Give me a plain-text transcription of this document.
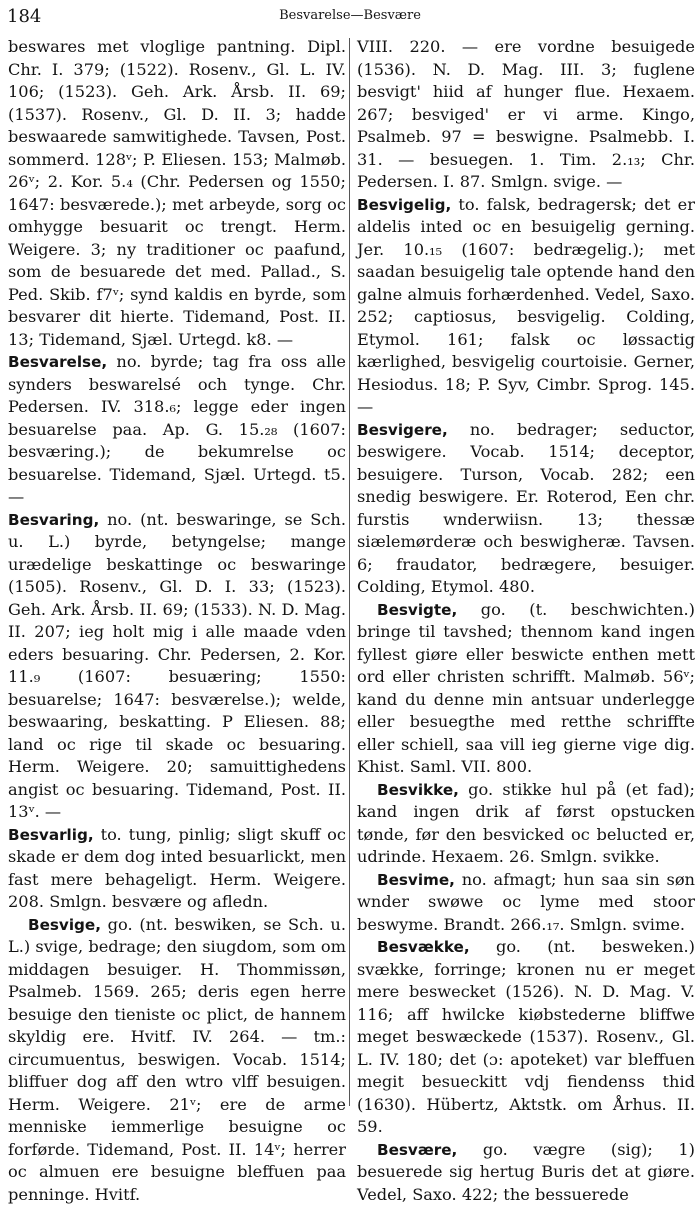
184	Besvarelse—Besvære

beswares met vloglige pantning. Dipl. Chr. I. 379; (1522). Rosenv., Gl. L. IV. 106; (1523). Geh. Ark. Årsb. II. 69; (1537). Rosenv., Gl. D. II. 3; hadde beswaarede samwitighede. Tavsen, Post. sommerd. 128ᵛ; P. Eliesen. 153; Malmøb. 26ᵛ; 2. Kor. 5.₄ (Chr. Pedersen og 1550; 1647: besværede.); met arbeyde, sorg oc omhygge besuarit oc trengt. Herm. Weigere. 3; ny traditioner oc paafund, som de besuarede det med. Pallad., S. Ped. Skib. f7ᵛ; synd kaldis en byrde, som besvarer dit hierte. Tidemand, Post. II. 13; Tidemand, Sjæl. Urtegd. k8. —

Besvarelse, no. byrde; tag fra oss alle synders beswarelsé och tynge. Chr. Pedersen. IV. 318.₆; legge eder ingen besuarelse paa. Ap. G. 15.₂₈ (1607: besværing.); de bekumrelse oc besuarelse. Tidemand, Sjæl. Urtegd. t5. —

Besvaring, no. (nt. beswaringe, se Sch. u. L.) byrde, betyngelse; mange urædelige beskattinge oc beswaringe (1505). Rosenv., Gl. D. I. 33; (1523). Geh. Ark. Årsb. II. 69; (1533). N. D. Mag. II. 207; ieg holt mig i alle maade vden eders besuaring. Chr. Pedersen, 2. Kor. 11.₉ (1607: besuæring; 1550: besuarelse; 1647: besværelse.); welde, beswaaring, beskatting. P Eliesen. 88; land oc rige til skade oc besuaring. Herm. Weigere. 20; samuittighedens angist oc besuaring. Tidemand, Post. II. 13ᵛ. —

Besvarlig, to. tung, pinlig; sligt skuff oc skade er dem dog inted besuarlickt, men fast mere behageligt. Herm. Weigere. 208. Smlgn. besvære og afledn.

Besvige, go. (nt. beswiken, se Sch. u. L.) svige, bedrage; den siugdom, som om middagen besuiger. H. Thommissøn, Psalmeb. 1569. 265; deris egen herre besuige den tieniste oc plict, de hannem skyldig ere. Hvitf. IV. 264. — tm.: circumuentus, beswigen. Vocab. 1514; bliffuer dog aff den wtro vlff besuigen. Herm. Weigere. 21ᵛ; ere de arme menniske iemmerlige besuigne oc forførde. Tidemand, Post. II. 14ᵛ; herrer oc almuen ere besuigne bleffuen paa penninge. Hvitf.

VIII. 220. — ere vordne besuigede (1536). N. D. Mag. III. 3; fuglene besvigt' hiid af hunger flue. Hexaem. 267; besviged' er vi arme. Kingo, Psalmeb. 97 = beswigne. Psalmebb. I. 31. — besuegen. 1. Tim. 2.₁₃; Chr. Pedersen. I. 87. Smlgn. svige. —

Besvigelig, to. falsk, bedragersk; det er aldelis inted oc en besuigelig gerning. Jer. 10.₁₅ (1607: bedrægelig.); met saadan besuigelig tale optende hand den galne almuis forhærdenhed. Vedel, Saxo. 252; captiosus, besvigelig. Colding, Etymol. 161; falsk oc løssactig kærlighed, besvigelig courtoisie. Gerner, Hesiodus. 18; P. Syv, Cimbr. Sprog. 145. —

Besvigere, no. bedrager; seductor, beswigere. Vocab. 1514; deceptor, besuigere. Turson, Vocab. 282; een snedig beswigere. Er. Roterod, Een chr. furstis wnderwiisn. 13; thessæ siælemørderæ och beswigheræ. Tavsen. 6; fraudator, bedrægere, besuiger. Colding, Etymol. 480.

Besvigte, go. (t. beschwichten.) bringe til tavshed; thennom kand ingen fyllest giøre eller beswicte enthen mett ord eller christen schrifft. Malmøb. 56ᵛ; kand du denne min antsuar underlegge eller besuegthe med retthe schriffte eller schiell, saa vill ieg gierne vige dig. Khist. Saml. VII. 800.

Besvikke, go. stikke hul på (et fad); kand ingen drik af først opstucken tønde, før den besvicked oc belucted er, udrinde. Hexaem. 26. Smlgn. svikke.

Besvime, no. afmagt; hun saa sin søn wnder swøwe oc lyme med stoor beswyme. Brandt. 266.₁₇. Smlgn. svime.

Besvække, go. (nt. besweken.) svække, forringe; kronen nu er meget mere beswecket (1526). N. D. Mag. V. 116; aff hwilcke kiøbstederne bliffwe meget beswæckede (1537). Rosenv., Gl. L. IV. 180; det (ɔ: apoteket) var bleffuen megit besueckitt vdj fiendenss thid (1630). Hübertz, Aktstk. om Århus. II. 59.

Besvære, go. vægre (sig); 1) besuerede sig hertug Buris det at giøre. Vedel, Saxo. 422; the bessuerede
